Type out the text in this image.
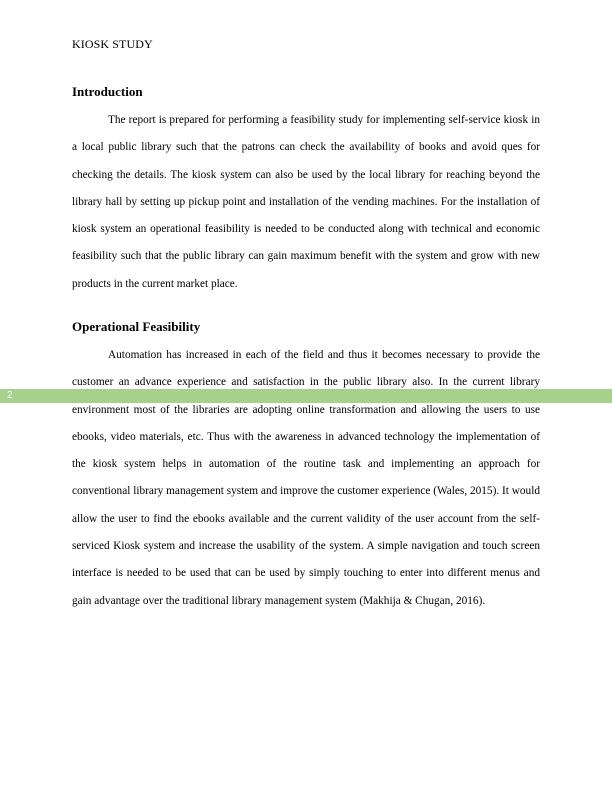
KIOSK STUDY
Introduction

The report is prepared for performing a feasibility study for implementing self-service kiosk in a local public library such that the patrons can check the availability of books and avoid ques for checking the details. The kiosk system can also be used by the local library for reaching beyond the library hall by setting up pickup point and installation of the vending machines. For the installation of kiosk system an operational feasibility is needed to be conducted along with technical and economic feasibility such that the public library can gain maximum benefit with the system and grow with new products in the current market place.

Operational Feasibility

Automation has increased in each of the field and thus it becomes necessary to provide the customer an advance experience and satisfaction in the public library also. In the current library environment most of the libraries are adopting online transformation and allowing the users to use ebooks, video materials, etc. Thus with the awareness in advanced technology the implementation of the kiosk system helps in automation of the routine task and implementing an approach for conventional library management system and improve the customer experience (Wales, 2015). It would allow the user to find the ebooks available and the current validity of the user account from the self-serviced Kiosk system and increase the usability of the system. A simple navigation and touch screen interface is needed to be used that can be used by simply touching to enter into different menus and gain advantage over the traditional library management system (Makhija & Chugan, 2016).

2
